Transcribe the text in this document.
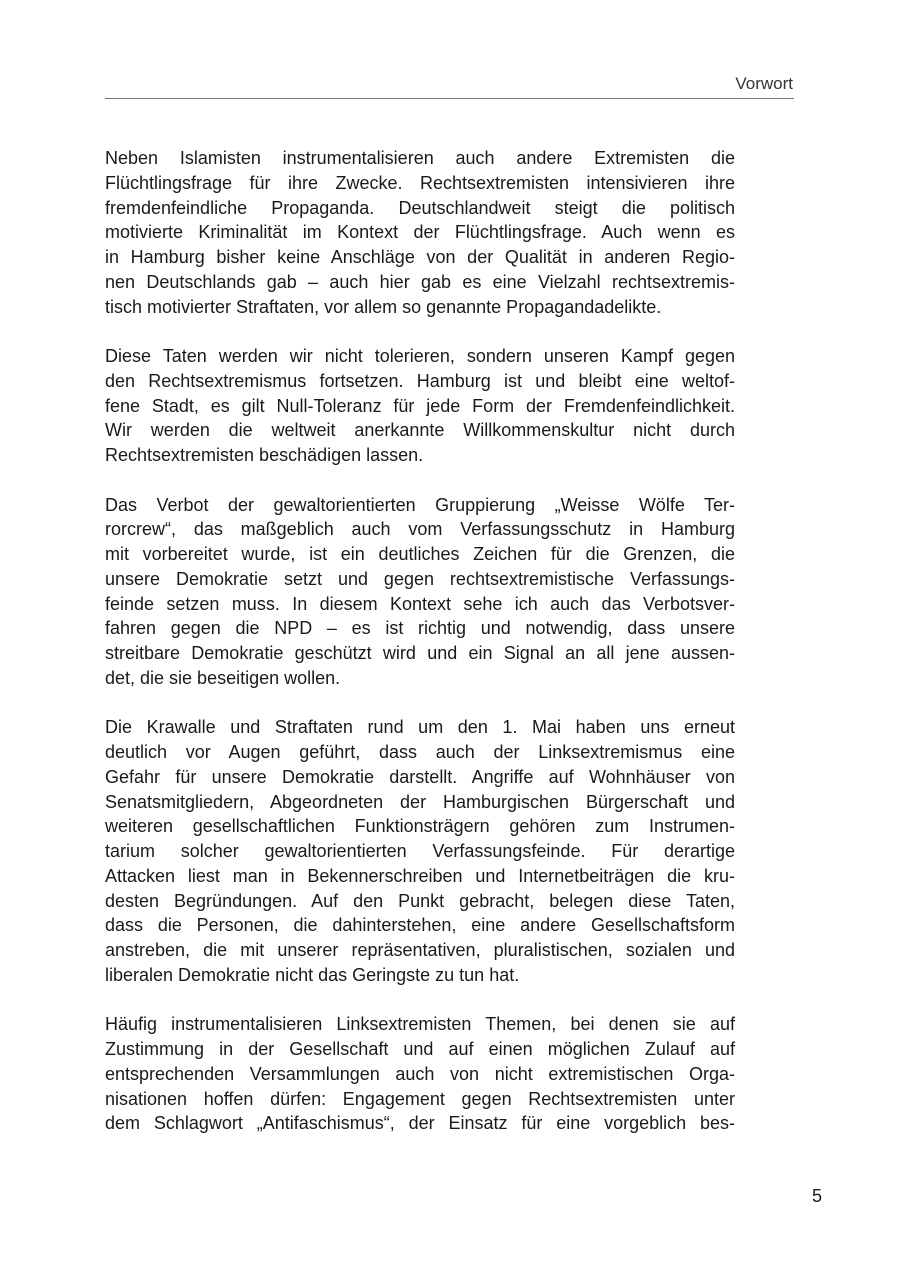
Vorwort
Neben Islamisten instrumentalisieren auch andere Extremisten die
Flüchtlingsfrage für ihre Zwecke. Rechtsextremisten intensivieren ihre
fremdenfeindliche Propaganda. Deutschlandweit steigt die politisch
motivierte Kriminalität im Kontext der Flüchtlingsfrage. Auch wenn es
in Hamburg bisher keine Anschläge von der Qualität in anderen Regio-
nen Deutschlands gab – auch hier gab es eine Vielzahl rechtsextremis-
tisch motivierter Straftaten, vor allem so genannte Propagandadelikte.
Diese Taten werden wir nicht tolerieren, sondern unseren Kampf gegen
den Rechtsextremismus fortsetzen. Hamburg ist und bleibt eine weltof-
fene Stadt, es gilt Null-Toleranz für jede Form der Fremdenfeindlichkeit.
Wir werden die weltweit anerkannte Willkommenskultur nicht durch
Rechtsextremisten beschädigen lassen.
Das Verbot der gewaltorientierten Gruppierung „Weisse Wölfe Ter-
rorcrew“, das maßgeblich auch vom Verfassungsschutz in Hamburg
mit vorbereitet wurde, ist ein deutliches Zeichen für die Grenzen, die
unsere Demokratie setzt und gegen rechtsextremistische Verfassungs-
feinde setzen muss. In diesem Kontext sehe ich auch das Verbotsver-
fahren gegen die NPD – es ist richtig und notwendig, dass unsere
streitbare Demokratie geschützt wird und ein Signal an all jene aussen-
det, die sie beseitigen wollen.
Die Krawalle und Straftaten rund um den 1. Mai haben uns erneut
deutlich vor Augen geführt, dass auch der Linksextremismus eine
Gefahr für unsere Demokratie darstellt. Angriffe auf Wohnhäuser von
Senatsmitgliedern, Abgeordneten der Hamburgischen Bürgerschaft und
weiteren gesellschaftlichen Funktionsträgern gehören zum Instrumen-
tarium solcher gewaltorientierten Verfassungsfeinde. Für derartige
Attacken liest man in Bekennerschreiben und Internetbeiträgen die kru-
desten Begründungen. Auf den Punkt gebracht, belegen diese Taten,
dass die Personen, die dahinterstehen, eine andere Gesellschaftsform
anstreben, die mit unserer repräsentativen, pluralistischen, sozialen und
liberalen Demokratie nicht das Geringste zu tun hat.
Häufig instrumentalisieren Linksextremisten Themen, bei denen sie auf
Zustimmung in der Gesellschaft und auf einen möglichen Zulauf auf
entsprechenden Versammlungen auch von nicht extremistischen Orga-
nisationen hoffen dürfen: Engagement gegen Rechtsextremisten unter
dem Schlagwort „Antifaschismus“, der Einsatz für eine vorgeblich bes-
5
